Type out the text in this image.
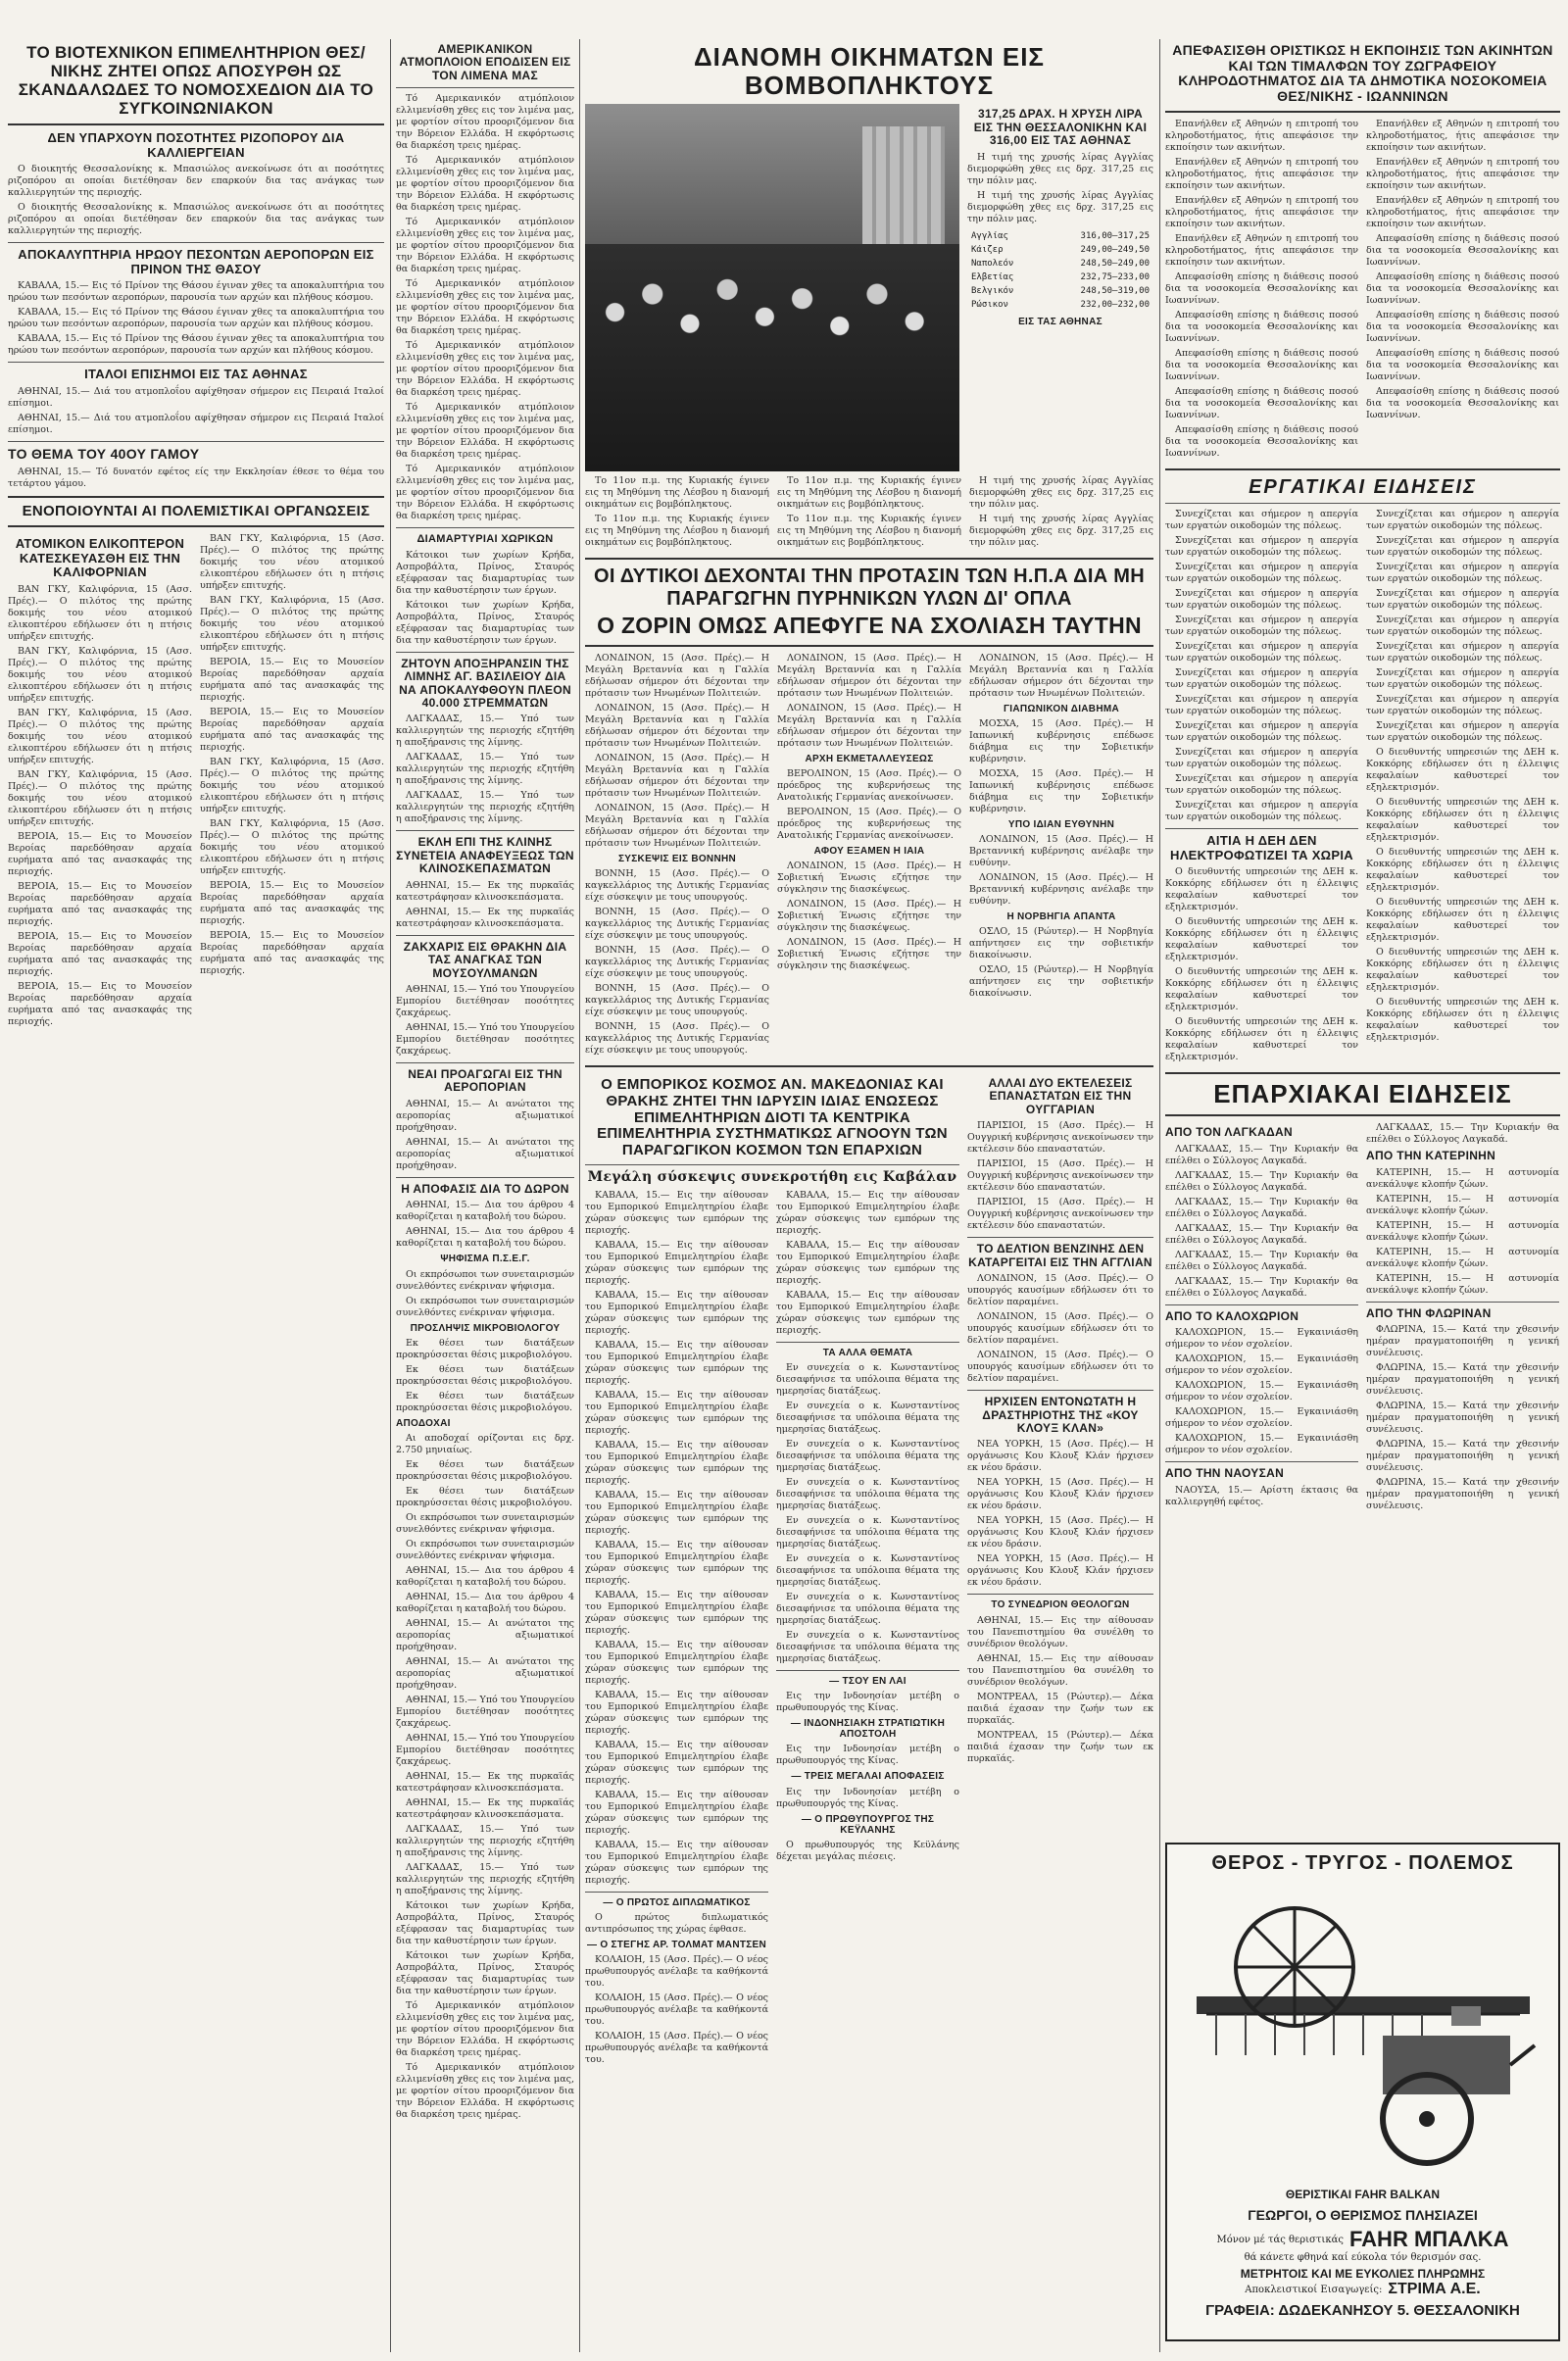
ΤΟ ΒΙΟΤΕΧΝΙΚΟΝ ΕΠΙΜΕΛΗΤΗΡΙΟΝ ΘΕΣ/ΝΙΚΗΣ ΖΗΤΕΙ ΟΠΩΣ ΑΠΟΣΥΡΘΗ ΩΣ ΣΚΑΝΔΑΛΩΔΕΣ ΤΟ ΝΟΜΟΣΧΕΔΙΟΝ ΔΙΑ ΤΟ ΣΥΓΚΟΙΝΩΝΙΑΚΟΝ
ΔΕΝ ΥΠΑΡΧΟΥΝ ΠΟΣΟΤΗΤΕΣ ΡΙΖΟΠΟΡΟΥ ΔΙΑ ΚΑΛΛΙΕΡΓΕΙΑΝ

Ο διοικητής Θεσσαλονίκης κ. Μπασιώλος ανεκοίνωσε ότι αι ποσότητες ριζοπόρου αι οποίαι διετέθησαν δεν επαρκούν δια τας ανάγκας των καλλιεργητών της περιοχής.

Ο διοικητής Θεσσαλονίκης κ. Μπασιώλος ανεκοίνωσε ότι αι ποσότητες ριζοπόρου αι οποίαι διετέθησαν δεν επαρκούν δια τας ανάγκας των καλλιεργητών της περιοχής.

ΑΠΟΚΑΛΥΠΤΗΡΙΑ ΗΡΩΟΥ ΠΕΣΟΝΤΩΝ ΑΕΡΟΠΟΡΩΝ ΕΙΣ ΠΡΙΝΟΝ ΤΗΣ ΘΑΣΟΥ

ΚΑΒΑΛΑ, 15.— Εις τό Πρίνον της Θάσου έγιναν χθες τα αποκαλυπτήρια του ηρώου των πεσόντων αεροπόρων, παρουσία των αρχών και πλήθους κόσμου.

ΚΑΒΑΛΑ, 15.— Εις τό Πρίνον της Θάσου έγιναν χθες τα αποκαλυπτήρια του ηρώου των πεσόντων αεροπόρων, παρουσία των αρχών και πλήθους κόσμου.

ΚΑΒΑΛΑ, 15.— Εις τό Πρίνον της Θάσου έγιναν χθες τα αποκαλυπτήρια του ηρώου των πεσόντων αεροπόρων, παρουσία των αρχών και πλήθους κόσμου.

ΙΤΑΛΟΙ ΕΠΙΣΗΜΟΙ ΕΙΣ ΤΑΣ ΑΘΗΝΑΣ

ΑΘΗΝΑΙ, 15.— Διά του ατμοπλοΐου αφίχθησαν σήμερον εις Πειραιά Ιταλοί επίσημοι.

ΑΘΗΝΑΙ, 15.— Διά του ατμοπλοΐου αφίχθησαν σήμερον εις Πειραιά Ιταλοί επίσημοι.

ΤΟ ΘΕΜΑ ΤΟΥ 40ΟΥ ΓΑΜΟΥ

ΑΘΗΝΑΙ, 15.— Τό δυνατόν εφέτος είς την Εκκλησίαν έθεσε το θέμα του τετάρτου γάμου.

ΕΝΟΠΟΙΟΥΝΤΑΙ ΑΙ ΠΟΛΕΜΙΣΤΙΚΑΙ ΟΡΓΑΝΩΣΕΙΣ
ΑΤΟΜΙΚΟΝ ΕΛΙΚΟΠΤΕΡΟΝ ΚΑΤΕΣΚΕΥΑΣΘΗ ΕΙΣ ΤΗΝ ΚΑΛΙΦΟΡΝΙΑΝ

ΒΑΝ ΓΚΥ, Καλιφόρνια, 15 (Ασσ. Πρές).— Ο πιλότος της πρώτης δοκιμής του νέου ατομικού ελικοπτέρου εδήλωσεν ότι η πτήσις υπήρξεν επιτυχής.

ΒΑΝ ΓΚΥ, Καλιφόρνια, 15 (Ασσ. Πρές).— Ο πιλότος της πρώτης δοκιμής του νέου ατομικού ελικοπτέρου εδήλωσεν ότι η πτήσις υπήρξεν επιτυχής.

ΒΑΝ ΓΚΥ, Καλιφόρνια, 15 (Ασσ. Πρές).— Ο πιλότος της πρώτης δοκιμής του νέου ατομικού ελικοπτέρου εδήλωσεν ότι η πτήσις υπήρξεν επιτυχής.

ΒΑΝ ΓΚΥ, Καλιφόρνια, 15 (Ασσ. Πρές).— Ο πιλότος της πρώτης δοκιμής του νέου ατομικού ελικοπτέρου εδήλωσεν ότι η πτήσις υπήρξεν επιτυχής.

ΒΕΡΟΙΑ, 15.— Εις το Μουσείον Βεροίας παρεδόθησαν αρχαία ευρήματα από τας ανασκαφάς της περιοχής.

ΒΕΡΟΙΑ, 15.— Εις το Μουσείον Βεροίας παρεδόθησαν αρχαία ευρήματα από τας ανασκαφάς της περιοχής.

ΒΕΡΟΙΑ, 15.— Εις το Μουσείον Βεροίας παρεδόθησαν αρχαία ευρήματα από τας ανασκαφάς της περιοχής.

ΒΕΡΟΙΑ, 15.— Εις το Μουσείον Βεροίας παρεδόθησαν αρχαία ευρήματα από τας ανασκαφάς της περιοχής.

ΒΑΝ ΓΚΥ, Καλιφόρνια, 15 (Ασσ. Πρές).— Ο πιλότος της πρώτης δοκιμής του νέου ατομικού ελικοπτέρου εδήλωσεν ότι η πτήσις υπήρξεν επιτυχής.

ΒΑΝ ΓΚΥ, Καλιφόρνια, 15 (Ασσ. Πρές).— Ο πιλότος της πρώτης δοκιμής του νέου ατομικού ελικοπτέρου εδήλωσεν ότι η πτήσις υπήρξεν επιτυχής.

ΒΕΡΟΙΑ, 15.— Εις το Μουσείον Βεροίας παρεδόθησαν αρχαία ευρήματα από τας ανασκαφάς της περιοχής.

ΒΕΡΟΙΑ, 15.— Εις το Μουσείον Βεροίας παρεδόθησαν αρχαία ευρήματα από τας ανασκαφάς της περιοχής.

ΒΑΝ ΓΚΥ, Καλιφόρνια, 15 (Ασσ. Πρές).— Ο πιλότος της πρώτης δοκιμής του νέου ατομικού ελικοπτέρου εδήλωσεν ότι η πτήσις υπήρξεν επιτυχής.

ΒΑΝ ΓΚΥ, Καλιφόρνια, 15 (Ασσ. Πρές).— Ο πιλότος της πρώτης δοκιμής του νέου ατομικού ελικοπτέρου εδήλωσεν ότι η πτήσις υπήρξεν επιτυχής.

ΒΕΡΟΙΑ, 15.— Εις το Μουσείον Βεροίας παρεδόθησαν αρχαία ευρήματα από τας ανασκαφάς της περιοχής.

ΒΕΡΟΙΑ, 15.— Εις το Μουσείον Βεροίας παρεδόθησαν αρχαία ευρήματα από τας ανασκαφάς της περιοχής.

ΑΜΕΡΙΚΑΝΙΚΟΝ ΑΤΜΟΠΛΟΙΟΝ ΕΠΟΔΙΣΕΝ ΕΙΣ ΤΟΝ ΛΙΜΕΝΑ ΜΑΣ

Τό Αμερικανικόν ατμόπλοιον ελλιμενίσθη χθες εις τον λιμένα μας, με φορτίον σίτου προοριζόμενον δια την Βόρειον Ελλάδα. Η εκφόρτωσις θα διαρκέση τρεις ημέρας.

Τό Αμερικανικόν ατμόπλοιον ελλιμενίσθη χθες εις τον λιμένα μας, με φορτίον σίτου προοριζόμενον δια την Βόρειον Ελλάδα. Η εκφόρτωσις θα διαρκέση τρεις ημέρας.

Τό Αμερικανικόν ατμόπλοιον ελλιμενίσθη χθες εις τον λιμένα μας, με φορτίον σίτου προοριζόμενον δια την Βόρειον Ελλάδα. Η εκφόρτωσις θα διαρκέση τρεις ημέρας.

Τό Αμερικανικόν ατμόπλοιον ελλιμενίσθη χθες εις τον λιμένα μας, με φορτίον σίτου προοριζόμενον δια την Βόρειον Ελλάδα. Η εκφόρτωσις θα διαρκέση τρεις ημέρας.

Τό Αμερικανικόν ατμόπλοιον ελλιμενίσθη χθες εις τον λιμένα μας, με φορτίον σίτου προοριζόμενον δια την Βόρειον Ελλάδα. Η εκφόρτωσις θα διαρκέση τρεις ημέρας.

Τό Αμερικανικόν ατμόπλοιον ελλιμενίσθη χθες εις τον λιμένα μας, με φορτίον σίτου προοριζόμενον δια την Βόρειον Ελλάδα. Η εκφόρτωσις θα διαρκέση τρεις ημέρας.

Τό Αμερικανικόν ατμόπλοιον ελλιμενίσθη χθες εις τον λιμένα μας, με φορτίον σίτου προοριζόμενον δια την Βόρειον Ελλάδα. Η εκφόρτωσις θα διαρκέση τρεις ημέρας.

ΔΙΑΜΑΡΤΥΡΙΑΙ ΧΩΡΙΚΩΝ

Κάτοικοι των χωρίων Κρήδα, Ασπροβάλτα, Πρίνος, Σταυρός εξέφρασαν τας διαμαρτυρίας των δια την καθυστέρησιν των έργων.

Κάτοικοι των χωρίων Κρήδα, Ασπροβάλτα, Πρίνος, Σταυρός εξέφρασαν τας διαμαρτυρίας των δια την καθυστέρησιν των έργων.

ΖΗΤΟΥΝ ΑΠΟΞΗΡΑΝΣΙΝ ΤΗΣ ΛΙΜΝΗΣ ΑΓ. ΒΑΣΙΛΕΙΟΥ ΔΙΑ ΝΑ ΑΠΟΚΑΛΥΦΘΟΥΝ ΠΛΕΟΝ 40.000 ΣΤΡΕΜΜΑΤΩΝ

ΛΑΓΚΑΔΑΣ, 15.— Υπό των καλλιεργητών της περιοχής εζητήθη η αποξήρανσις της λίμνης.

ΛΑΓΚΑΔΑΣ, 15.— Υπό των καλλιεργητών της περιοχής εζητήθη η αποξήρανσις της λίμνης.

ΛΑΓΚΑΔΑΣ, 15.— Υπό των καλλιεργητών της περιοχής εζητήθη η αποξήρανσις της λίμνης.

ΕΚΛΗ ΕΠΙ ΤΗΣ ΚΛΙΝΗΣ ΣΥΝΕΤΕΙΑ ΑΝΑΦΕΥΞΕΩΣ ΤΩΝ ΚΛΙΝΟΣΚΕΠΑΣΜΑΤΩΝ

ΑΘΗΝΑΙ, 15.— Εκ της πυρκαϊάς κατεστράφησαν κλινοσκεπάσματα.

ΑΘΗΝΑΙ, 15.— Εκ της πυρκαϊάς κατεστράφησαν κλινοσκεπάσματα.

ΖΑΚΧΑΡΙΣ ΕΙΣ ΘΡΑΚΗΝ ΔΙΑ ΤΑΣ ΑΝΑΓΚΑΣ ΤΩΝ ΜΟΥΣΟΥΛΜΑΝΩΝ

ΑΘΗΝΑΙ, 15.— Υπό του Υπουργείου Εμπορίου διετέθησαν ποσότητες ζακχάρεως.

ΑΘΗΝΑΙ, 15.— Υπό του Υπουργείου Εμπορίου διετέθησαν ποσότητες ζακχάρεως.

ΝΕΑΙ ΠΡΟΑΓΩΓΑΙ ΕΙΣ ΤΗΝ ΑΕΡΟΠΟΡΙΑΝ

ΑΘΗΝΑΙ, 15.— Αι ανώτατοι της αεροπορίας αξιωματικοί προήχθησαν.

ΑΘΗΝΑΙ, 15.— Αι ανώτατοι της αεροπορίας αξιωματικοί προήχθησαν.

Η ΑΠΟΦΑΣΙΣ ΔΙΑ ΤΟ ΔΩΡΟΝ

ΑΘΗΝΑΙ, 15.— Δια του άρθρου 4 καθορίζεται η καταβολή του δώρου.

ΑΘΗΝΑΙ, 15.— Δια του άρθρου 4 καθορίζεται η καταβολή του δώρου.

ΨΗΦΙΣΜΑ Π.Σ.Ε.Γ.

Οι εκπρόσωποι των συνεταιρισμών συνελθόντες ενέκριναν ψήφισμα.

Οι εκπρόσωποι των συνεταιρισμών συνελθόντες ενέκριναν ψήφισμα.

ΠΡΟΣΛΗΨΙΣ ΜΙΚΡΟΒΙΟΛΟΓΟΥ

Εκ θέσει των διατάξεων προκηρύσσεται θέσις μικροβιολόγου.

Εκ θέσει των διατάξεων προκηρύσσεται θέσις μικροβιολόγου.

Εκ θέσει των διατάξεων προκηρύσσεται θέσις μικροβιολόγου.

ΑΠΟΔΟΧΑΙ

Αι αποδοχαί ορίζονται εις δρχ. 2.750 μηνιαίως.

Εκ θέσει των διατάξεων προκηρύσσεται θέσις μικροβιολόγου.

Εκ θέσει των διατάξεων προκηρύσσεται θέσις μικροβιολόγου.

Οι εκπρόσωποι των συνεταιρισμών συνελθόντες ενέκριναν ψήφισμα.

Οι εκπρόσωποι των συνεταιρισμών συνελθόντες ενέκριναν ψήφισμα.

ΑΘΗΝΑΙ, 15.— Δια του άρθρου 4 καθορίζεται η καταβολή του δώρου.

ΑΘΗΝΑΙ, 15.— Δια του άρθρου 4 καθορίζεται η καταβολή του δώρου.

ΑΘΗΝΑΙ, 15.— Αι ανώτατοι της αεροπορίας αξιωματικοί προήχθησαν.

ΑΘΗΝΑΙ, 15.— Αι ανώτατοι της αεροπορίας αξιωματικοί προήχθησαν.

ΑΘΗΝΑΙ, 15.— Υπό του Υπουργείου Εμπορίου διετέθησαν ποσότητες ζακχάρεως.

ΑΘΗΝΑΙ, 15.— Υπό του Υπουργείου Εμπορίου διετέθησαν ποσότητες ζακχάρεως.

ΑΘΗΝΑΙ, 15.— Εκ της πυρκαϊάς κατεστράφησαν κλινοσκεπάσματα.

ΑΘΗΝΑΙ, 15.— Εκ της πυρκαϊάς κατεστράφησαν κλινοσκεπάσματα.

ΛΑΓΚΑΔΑΣ, 15.— Υπό των καλλιεργητών της περιοχής εζητήθη η αποξήρανσις της λίμνης.

ΛΑΓΚΑΔΑΣ, 15.— Υπό των καλλιεργητών της περιοχής εζητήθη η αποξήρανσις της λίμνης.

Κάτοικοι των χωρίων Κρήδα, Ασπροβάλτα, Πρίνος, Σταυρός εξέφρασαν τας διαμαρτυρίας των δια την καθυστέρησιν των έργων.

Κάτοικοι των χωρίων Κρήδα, Ασπροβάλτα, Πρίνος, Σταυρός εξέφρασαν τας διαμαρτυρίας των δια την καθυστέρησιν των έργων.

Τό Αμερικανικόν ατμόπλοιον ελλιμενίσθη χθες εις τον λιμένα μας, με φορτίον σίτου προοριζόμενον δια την Βόρειον Ελλάδα. Η εκφόρτωσις θα διαρκέση τρεις ημέρας.

Τό Αμερικανικόν ατμόπλοιον ελλιμενίσθη χθες εις τον λιμένα μας, με φορτίον σίτου προοριζόμενον δια την Βόρειον Ελλάδα. Η εκφόρτωσις θα διαρκέση τρεις ημέρας.

ΔΙΑΝΟΜΗ ΟΙΚΗΜΑΤΩΝ ΕΙΣ ΒΟΜΒΟΠΛΗΚΤΟΥΣ
317,25 ΔΡΑΧ. Η ΧΡΥΣΗ ΛΙΡΑ ΕΙΣ ΤΗΝ ΘΕΣΣΑΛΟΝΙΚΗΝ ΚΑΙ 316,00 ΕΙΣ ΤΑΣ ΑΘΗΝΑΣ

Η τιμή της χρυσής λίρας Αγγλίας διεμορφώθη χθες εις δρχ. 317,25 εις την πόλιν μας.

Η τιμή της χρυσής λίρας Αγγλίας διεμορφώθη χθες εις δρχ. 317,25 εις την πόλιν μας.

Αγγλίας	316,00—317,25
Κάιζερ	249,00—249,50
Ναπολεόν	248,50—249,00
Ελβετίας	232,75—233,00
Βελγικόν	248,50—319,00
Ρώσικον	232,00—232,00
ΕΙΣ ΤΑΣ ΑΘΗΝΑΣ

Το 11ον π.μ. της Κυριακής έγινεν εις τη Μηθύμνη της Λέσβου η διανομή οικημάτων εις βομβόπληκτους.

Το 11ον π.μ. της Κυριακής έγινεν εις τη Μηθύμνη της Λέσβου η διανομή οικημάτων εις βομβόπληκτους.

Το 11ον π.μ. της Κυριακής έγινεν εις τη Μηθύμνη της Λέσβου η διανομή οικημάτων εις βομβόπληκτους.

Το 11ον π.μ. της Κυριακής έγινεν εις τη Μηθύμνη της Λέσβου η διανομή οικημάτων εις βομβόπληκτους.

Η τιμή της χρυσής λίρας Αγγλίας διεμορφώθη χθες εις δρχ. 317,25 εις την πόλιν μας.

Η τιμή της χρυσής λίρας Αγγλίας διεμορφώθη χθες εις δρχ. 317,25 εις την πόλιν μας.

ΟΙ ΔΥΤΙΚΟΙ ΔΕΧΟΝΤΑΙ ΤΗΝ ΠΡΟΤΑΣΙΝ ΤΩΝ Η.Π.Α ΔΙΑ ΜΗ ΠΑΡΑΓΩΓΗΝ ΠΥΡΗΝΙΚΩΝ ΥΛΩΝ ΔΙ' ΟΠΛΑ
Ο ΖΟΡΙΝ ΟΜΩΣ ΑΠΕΦΥΓΕ ΝΑ ΣΧΟΛΙΑΣΗ ΤΑΥΤΗΝ

ΛΟΝΔΙΝΟΝ, 15 (Ασσ. Πρές).— Η Μεγάλη Βρεταννία και η Γαλλία εδήλωσαν σήμερον ότι δέχονται την πρότασιν των Ηνωμένων Πολιτειών.

ΛΟΝΔΙΝΟΝ, 15 (Ασσ. Πρές).— Η Μεγάλη Βρεταννία και η Γαλλία εδήλωσαν σήμερον ότι δέχονται την πρότασιν των Ηνωμένων Πολιτειών.

ΛΟΝΔΙΝΟΝ, 15 (Ασσ. Πρές).— Η Μεγάλη Βρεταννία και η Γαλλία εδήλωσαν σήμερον ότι δέχονται την πρότασιν των Ηνωμένων Πολιτειών.

ΛΟΝΔΙΝΟΝ, 15 (Ασσ. Πρές).— Η Μεγάλη Βρεταννία και η Γαλλία εδήλωσαν σήμερον ότι δέχονται την πρότασιν των Ηνωμένων Πολιτειών.

ΣΥΣΚΕΨΙΣ ΕΙΣ ΒΟΝΝΗΝ

ΒΟΝΝΗ, 15 (Ασσ. Πρές).— Ο καγκελλάριος της Δυτικής Γερμανίας είχε σύσκεψιν με τους υπουργούς.

ΒΟΝΝΗ, 15 (Ασσ. Πρές).— Ο καγκελλάριος της Δυτικής Γερμανίας είχε σύσκεψιν με τους υπουργούς.

ΒΟΝΝΗ, 15 (Ασσ. Πρές).— Ο καγκελλάριος της Δυτικής Γερμανίας είχε σύσκεψιν με τους υπουργούς.

ΒΟΝΝΗ, 15 (Ασσ. Πρές).— Ο καγκελλάριος της Δυτικής Γερμανίας είχε σύσκεψιν με τους υπουργούς.

ΒΟΝΝΗ, 15 (Ασσ. Πρές).— Ο καγκελλάριος της Δυτικής Γερμανίας είχε σύσκεψιν με τους υπουργούς.

ΛΟΝΔΙΝΟΝ, 15 (Ασσ. Πρές).— Η Μεγάλη Βρεταννία και η Γαλλία εδήλωσαν σήμερον ότι δέχονται την πρότασιν των Ηνωμένων Πολιτειών.

ΛΟΝΔΙΝΟΝ, 15 (Ασσ. Πρές).— Η Μεγάλη Βρεταννία και η Γαλλία εδήλωσαν σήμερον ότι δέχονται την πρότασιν των Ηνωμένων Πολιτειών.

ΑΡΧΗ ΕΚΜΕΤΑΛΛΕΥΣΕΩΣ

ΒΕΡΟΛΙΝΟΝ, 15 (Ασσ. Πρές).— Ο πρόεδρος της κυβερνήσεως της Ανατολικής Γερμανίας ανεκοίνωσεν.

ΒΕΡΟΛΙΝΟΝ, 15 (Ασσ. Πρές).— Ο πρόεδρος της κυβερνήσεως της Ανατολικής Γερμανίας ανεκοίνωσεν.

ΑΦΟΥ ΕΞΑΜΕΝ Η ΙΑΙΑ

ΛΟΝΔΙΝΟΝ, 15 (Ασσ. Πρές).— Η Σοβιετική Ένωσις εζήτησε την σύγκλησιν της διασκέψεως.

ΛΟΝΔΙΝΟΝ, 15 (Ασσ. Πρές).— Η Σοβιετική Ένωσις εζήτησε την σύγκλησιν της διασκέψεως.

ΛΟΝΔΙΝΟΝ, 15 (Ασσ. Πρές).— Η Σοβιετική Ένωσις εζήτησε την σύγκλησιν της διασκέψεως.

ΛΟΝΔΙΝΟΝ, 15 (Ασσ. Πρές).— Η Μεγάλη Βρεταννία και η Γαλλία εδήλωσαν σήμερον ότι δέχονται την πρότασιν των Ηνωμένων Πολιτειών.

ΓΙΑΠΩΝΙΚΟΝ ΔΙΑΒΗΜΑ

ΜΟΣΧΑ, 15 (Ασσ. Πρές).— Η Ιαπωνική κυβέρνησις επέδωσε διάβημα εις την Σοβιετικήν κυβέρνησιν.

ΜΟΣΧΑ, 15 (Ασσ. Πρές).— Η Ιαπωνική κυβέρνησις επέδωσε διάβημα εις την Σοβιετικήν κυβέρνησιν.

ΥΠΟ ΙΔΙΑΝ ΕΥΘΥΝΗΝ

ΛΟΝΔΙΝΟΝ, 15 (Ασσ. Πρές).— Η Βρεταννική κυβέρνησις ανέλαβε την ευθύνην.

ΛΟΝΔΙΝΟΝ, 15 (Ασσ. Πρές).— Η Βρεταννική κυβέρνησις ανέλαβε την ευθύνην.

Η ΝΟΡΒΗΓΙΑ ΑΠΑΝΤΑ

ΟΣΛΟ, 15 (Ρώυτερ).— Η Νορβηγία απήντησεν εις την σοβιετικήν διακοίνωσιν.

ΟΣΛΟ, 15 (Ρώυτερ).— Η Νορβηγία απήντησεν εις την σοβιετικήν διακοίνωσιν.

Ο ΕΜΠΟΡΙΚΟΣ ΚΟΣΜΟΣ ΑΝ. ΜΑΚΕΔΟΝΙΑΣ ΚΑΙ ΘΡΑΚΗΣ ΖΗΤΕΙ ΤΗΝ ΙΔΡΥΣΙΝ ΙΔΙΑΣ ΕΝΩΣΕΩΣ ΕΠΙΜΕΛΗΤΗΡΙΩΝ ΔΙΟΤΙ ΤΑ ΚΕΝΤΡΙΚΑ ΕΠΙΜΕΛΗΤΗΡΙΑ ΣΥΣΤΗΜΑΤΙΚΩΣ ΑΓΝΟΟΥΝ ΤΩΝ ΠΑΡΑΓΩΓΙΚΟΝ ΚΟΣΜΟΝ ΤΩΝ ΕΠΑΡΧΙΩΝ
Μεγάλη σύσκεψις συνεκροτήθη εις Καβάλαν

ΚΑΒΑΛΑ, 15.— Εις την αίθουσαν του Εμπορικού Επιμελητηρίου έλαβε χώραν σύσκεψις των εμπόρων της περιοχής.

ΚΑΒΑΛΑ, 15.— Εις την αίθουσαν του Εμπορικού Επιμελητηρίου έλαβε χώραν σύσκεψις των εμπόρων της περιοχής.

ΚΑΒΑΛΑ, 15.— Εις την αίθουσαν του Εμπορικού Επιμελητηρίου έλαβε χώραν σύσκεψις των εμπόρων της περιοχής.

ΚΑΒΑΛΑ, 15.— Εις την αίθουσαν του Εμπορικού Επιμελητηρίου έλαβε χώραν σύσκεψις των εμπόρων της περιοχής.

ΚΑΒΑΛΑ, 15.— Εις την αίθουσαν του Εμπορικού Επιμελητηρίου έλαβε χώραν σύσκεψις των εμπόρων της περιοχής.

ΚΑΒΑΛΑ, 15.— Εις την αίθουσαν του Εμπορικού Επιμελητηρίου έλαβε χώραν σύσκεψις των εμπόρων της περιοχής.

ΚΑΒΑΛΑ, 15.— Εις την αίθουσαν του Εμπορικού Επιμελητηρίου έλαβε χώραν σύσκεψις των εμπόρων της περιοχής.

ΚΑΒΑΛΑ, 15.— Εις την αίθουσαν του Εμπορικού Επιμελητηρίου έλαβε χώραν σύσκεψις των εμπόρων της περιοχής.

ΚΑΒΑΛΑ, 15.— Εις την αίθουσαν του Εμπορικού Επιμελητηρίου έλαβε χώραν σύσκεψις των εμπόρων της περιοχής.

ΚΑΒΑΛΑ, 15.— Εις την αίθουσαν του Εμπορικού Επιμελητηρίου έλαβε χώραν σύσκεψις των εμπόρων της περιοχής.

ΚΑΒΑΛΑ, 15.— Εις την αίθουσαν του Εμπορικού Επιμελητηρίου έλαβε χώραν σύσκεψις των εμπόρων της περιοχής.

ΚΑΒΑΛΑ, 15.— Εις την αίθουσαν του Εμπορικού Επιμελητηρίου έλαβε χώραν σύσκεψις των εμπόρων της περιοχής.

ΚΑΒΑΛΑ, 15.— Εις την αίθουσαν του Εμπορικού Επιμελητηρίου έλαβε χώραν σύσκεψις των εμπόρων της περιοχής.

ΚΑΒΑΛΑ, 15.— Εις την αίθουσαν του Εμπορικού Επιμελητηρίου έλαβε χώραν σύσκεψις των εμπόρων της περιοχής.

— Ο ΠΡΩΤΟΣ ΔΙΠΛΩΜΑΤΙΚΟΣ

Ο πρώτος διπλωματικός αντιπρόσωπος της χώρας έφθασε.

— Ο ΣΤΕΓΗΣ ΑΡ. ΤΟΛΜΑΤ ΜΑΝΤΣΕΝ

ΚΟΛΑΙΟΗ, 15 (Ασσ. Πρές).— Ο νέος πρωθυπουργός ανέλαβε τα καθήκοντά του.

ΚΟΛΑΙΟΗ, 15 (Ασσ. Πρές).— Ο νέος πρωθυπουργός ανέλαβε τα καθήκοντά του.

ΚΟΛΑΙΟΗ, 15 (Ασσ. Πρές).— Ο νέος πρωθυπουργός ανέλαβε τα καθήκοντά του.

ΚΑΒΑΛΑ, 15.— Εις την αίθουσαν του Εμπορικού Επιμελητηρίου έλαβε χώραν σύσκεψις των εμπόρων της περιοχής.

ΚΑΒΑΛΑ, 15.— Εις την αίθουσαν του Εμπορικού Επιμελητηρίου έλαβε χώραν σύσκεψις των εμπόρων της περιοχής.

ΚΑΒΑΛΑ, 15.— Εις την αίθουσαν του Εμπορικού Επιμελητηρίου έλαβε χώραν σύσκεψις των εμπόρων της περιοχής.

ΤΑ ΑΛΛΑ ΘΕΜΑΤΑ

Εν συνεχεία ο κ. Κωνσταντίνος διεσαφήνισε τα υπόλοιπα θέματα της ημερησίας διατάξεως.

Εν συνεχεία ο κ. Κωνσταντίνος διεσαφήνισε τα υπόλοιπα θέματα της ημερησίας διατάξεως.

Εν συνεχεία ο κ. Κωνσταντίνος διεσαφήνισε τα υπόλοιπα θέματα της ημερησίας διατάξεως.

Εν συνεχεία ο κ. Κωνσταντίνος διεσαφήνισε τα υπόλοιπα θέματα της ημερησίας διατάξεως.

Εν συνεχεία ο κ. Κωνσταντίνος διεσαφήνισε τα υπόλοιπα θέματα της ημερησίας διατάξεως.

Εν συνεχεία ο κ. Κωνσταντίνος διεσαφήνισε τα υπόλοιπα θέματα της ημερησίας διατάξεως.

Εν συνεχεία ο κ. Κωνσταντίνος διεσαφήνισε τα υπόλοιπα θέματα της ημερησίας διατάξεως.

Εν συνεχεία ο κ. Κωνσταντίνος διεσαφήνισε τα υπόλοιπα θέματα της ημερησίας διατάξεως.

— ΤΣΟΥ ΕΝ ΛΑΙ

Εις την Ινδονησίαν μετέβη ο πρωθυπουργός της Κίνας.

— ΙΝΔΟΝΗΣΙΑΚΗ ΣΤΡΑΤΙΩΤΙΚΗ ΑΠΟΣΤΟΛΗ

Εις την Ινδονησίαν μετέβη ο πρωθυπουργός της Κίνας.

— ΤΡΕΙΣ ΜΕΓΑΛΑΙ ΑΠΟΦΑΣΕΙΣ

Εις την Ινδονησίαν μετέβη ο πρωθυπουργός της Κίνας.

— Ο ΠΡΩΘΥΠΟΥΡΓΟΣ ΤΗΣ ΚΕΫΛΑΝΗΣ

Ο πρωθυπουργός της Κεϋλάνης δέχεται μεγάλας πιέσεις.

ΑΛΛΑΙ ΔΥΟ ΕΚΤΕΛΕΣΕΙΣ ΕΠΑΝΑΣΤΑΤΩΝ ΕΙΣ ΤΗΝ ΟΥΓΓΑΡΙΑΝ

ΠΑΡΙΣΙΟΙ, 15 (Ασσ. Πρές).— Η Ουγγρική κυβέρνησις ανεκοίνωσεν την εκτέλεσιν δύο επαναστατών.

ΠΑΡΙΣΙΟΙ, 15 (Ασσ. Πρές).— Η Ουγγρική κυβέρνησις ανεκοίνωσεν την εκτέλεσιν δύο επαναστατών.

ΠΑΡΙΣΙΟΙ, 15 (Ασσ. Πρές).— Η Ουγγρική κυβέρνησις ανεκοίνωσεν την εκτέλεσιν δύο επαναστατών.

ΤΟ ΔΕΛΤΙΟΝ ΒΕΝΖΙΝΗΣ ΔΕΝ ΚΑΤΑΡΓΕΙΤΑΙ ΕΙΣ ΤΗΝ ΑΓΓΛΙΑΝ

ΛΟΝΔΙΝΟΝ, 15 (Ασσ. Πρές).— Ο υπουργός καυσίμων εδήλωσεν ότι το δελτίον παραμένει.

ΛΟΝΔΙΝΟΝ, 15 (Ασσ. Πρές).— Ο υπουργός καυσίμων εδήλωσεν ότι το δελτίον παραμένει.

ΛΟΝΔΙΝΟΝ, 15 (Ασσ. Πρές).— Ο υπουργός καυσίμων εδήλωσεν ότι το δελτίον παραμένει.

ΗΡΧΙΣΕΝ ΕΝΤΟΝΩΤΑΤΗ Η ΔΡΑΣΤΗΡΙΟΤΗΣ ΤΗΣ «ΚΟΥ ΚΛΟΥΞ ΚΛΑΝ»

ΝΕΑ ΥΟΡΚΗ, 15 (Ασσ. Πρές).— Η οργάνωσις Κου Κλουξ Κλάν ήρχισεν εκ νέου δράσιν.

ΝΕΑ ΥΟΡΚΗ, 15 (Ασσ. Πρές).— Η οργάνωσις Κου Κλουξ Κλάν ήρχισεν εκ νέου δράσιν.

ΝΕΑ ΥΟΡΚΗ, 15 (Ασσ. Πρές).— Η οργάνωσις Κου Κλουξ Κλάν ήρχισεν εκ νέου δράσιν.

ΝΕΑ ΥΟΡΚΗ, 15 (Ασσ. Πρές).— Η οργάνωσις Κου Κλουξ Κλάν ήρχισεν εκ νέου δράσιν.

ΤΟ ΣΥΝΕΔΡΙΟΝ ΘΕΟΛΟΓΩΝ

ΑΘΗΝΑΙ, 15.— Εις την αίθουσαν του Πανεπιστημίου θα συνέλθη το συνέδριον θεολόγων.

ΑΘΗΝΑΙ, 15.— Εις την αίθουσαν του Πανεπιστημίου θα συνέλθη το συνέδριον θεολόγων.

ΜΟΝΤΡΕΑΛ, 15 (Ρώυτερ).— Δέκα παιδιά έχασαν την ζωήν των εκ πυρκαϊάς.

ΜΟΝΤΡΕΑΛ, 15 (Ρώυτερ).— Δέκα παιδιά έχασαν την ζωήν των εκ πυρκαϊάς.

ΑΠΕΦΑΣΙΣΘΗ ΟΡΙΣΤΙΚΩΣ Η ΕΚΠΟΙΗΣΙΣ ΤΩΝ ΑΚΙΝΗΤΩΝ ΚΑΙ ΤΩΝ ΤΙΜΑΛΦΩΝ ΤΟΥ ΖΩΓΡΑΦΕΙΟΥ ΚΛΗΡΟΔΟΤΗΜΑΤΟΣ ΔΙΑ ΤΑ ΔΗΜΟΤΙΚΑ ΝΟΣΟΚΟΜΕΙΑ ΘΕΣ/ΝΙΚΗΣ - ΙΩΑΝΝΙΝΩΝ

Επανήλθεν εξ Αθηνών η επιτροπή του κληροδοτήματος, ήτις απεφάσισε την εκποίησιν των ακινήτων.

Επανήλθεν εξ Αθηνών η επιτροπή του κληροδοτήματος, ήτις απεφάσισε την εκποίησιν των ακινήτων.

Επανήλθεν εξ Αθηνών η επιτροπή του κληροδοτήματος, ήτις απεφάσισε την εκποίησιν των ακινήτων.

Επανήλθεν εξ Αθηνών η επιτροπή του κληροδοτήματος, ήτις απεφάσισε την εκποίησιν των ακινήτων.

Απεφασίσθη επίσης η διάθεσις ποσού δια τα νοσοκομεία Θεσσαλονίκης και Ιωαννίνων.

Απεφασίσθη επίσης η διάθεσις ποσού δια τα νοσοκομεία Θεσσαλονίκης και Ιωαννίνων.

Απεφασίσθη επίσης η διάθεσις ποσού δια τα νοσοκομεία Θεσσαλονίκης και Ιωαννίνων.

Απεφασίσθη επίσης η διάθεσις ποσού δια τα νοσοκομεία Θεσσαλονίκης και Ιωαννίνων.

Απεφασίσθη επίσης η διάθεσις ποσού δια τα νοσοκομεία Θεσσαλονίκης και Ιωαννίνων.

Επανήλθεν εξ Αθηνών η επιτροπή του κληροδοτήματος, ήτις απεφάσισε την εκποίησιν των ακινήτων.

Επανήλθεν εξ Αθηνών η επιτροπή του κληροδοτήματος, ήτις απεφάσισε την εκποίησιν των ακινήτων.

Επανήλθεν εξ Αθηνών η επιτροπή του κληροδοτήματος, ήτις απεφάσισε την εκποίησιν των ακινήτων.

Απεφασίσθη επίσης η διάθεσις ποσού δια τα νοσοκομεία Θεσσαλονίκης και Ιωαννίνων.

Απεφασίσθη επίσης η διάθεσις ποσού δια τα νοσοκομεία Θεσσαλονίκης και Ιωαννίνων.

Απεφασίσθη επίσης η διάθεσις ποσού δια τα νοσοκομεία Θεσσαλονίκης και Ιωαννίνων.

Απεφασίσθη επίσης η διάθεσις ποσού δια τα νοσοκομεία Θεσσαλονίκης και Ιωαννίνων.

Απεφασίσθη επίσης η διάθεσις ποσού δια τα νοσοκομεία Θεσσαλονίκης και Ιωαννίνων.

ΕΡΓΑΤΙΚΑΙ ΕΙΔΗΣΕΙΣ

Συνεχίζεται και σήμερον η απεργία των εργατών οικοδομών της πόλεως.

Συνεχίζεται και σήμερον η απεργία των εργατών οικοδομών της πόλεως.

Συνεχίζεται και σήμερον η απεργία των εργατών οικοδομών της πόλεως.

Συνεχίζεται και σήμερον η απεργία των εργατών οικοδομών της πόλεως.

Συνεχίζεται και σήμερον η απεργία των εργατών οικοδομών της πόλεως.

Συνεχίζεται και σήμερον η απεργία των εργατών οικοδομών της πόλεως.

Συνεχίζεται και σήμερον η απεργία των εργατών οικοδομών της πόλεως.

Συνεχίζεται και σήμερον η απεργία των εργατών οικοδομών της πόλεως.

Συνεχίζεται και σήμερον η απεργία των εργατών οικοδομών της πόλεως.

Συνεχίζεται και σήμερον η απεργία των εργατών οικοδομών της πόλεως.

Συνεχίζεται και σήμερον η απεργία των εργατών οικοδομών της πόλεως.

Συνεχίζεται και σήμερον η απεργία των εργατών οικοδομών της πόλεως.

ΑΙΤΙΑ Η ΔΕΗ ΔΕΝ ΗΛΕΚΤΡΟΦΩΤΙΖΕΙ ΤΑ ΧΩΡΙΑ

Ο διευθυντής υπηρεσιών της ΔΕΗ κ. Κοκκόρης εδήλωσεν ότι η έλλειψις κεφαλαίων καθυστερεί τον εξηλεκτρισμόν.

Ο διευθυντής υπηρεσιών της ΔΕΗ κ. Κοκκόρης εδήλωσεν ότι η έλλειψις κεφαλαίων καθυστερεί τον εξηλεκτρισμόν.

Ο διευθυντής υπηρεσιών της ΔΕΗ κ. Κοκκόρης εδήλωσεν ότι η έλλειψις κεφαλαίων καθυστερεί τον εξηλεκτρισμόν.

Ο διευθυντής υπηρεσιών της ΔΕΗ κ. Κοκκόρης εδήλωσεν ότι η έλλειψις κεφαλαίων καθυστερεί τον εξηλεκτρισμόν.

Συνεχίζεται και σήμερον η απεργία των εργατών οικοδομών της πόλεως.

Συνεχίζεται και σήμερον η απεργία των εργατών οικοδομών της πόλεως.

Συνεχίζεται και σήμερον η απεργία των εργατών οικοδομών της πόλεως.

Συνεχίζεται και σήμερον η απεργία των εργατών οικοδομών της πόλεως.

Συνεχίζεται και σήμερον η απεργία των εργατών οικοδομών της πόλεως.

Συνεχίζεται και σήμερον η απεργία των εργατών οικοδομών της πόλεως.

Συνεχίζεται και σήμερον η απεργία των εργατών οικοδομών της πόλεως.

Συνεχίζεται και σήμερον η απεργία των εργατών οικοδομών της πόλεως.

Συνεχίζεται και σήμερον η απεργία των εργατών οικοδομών της πόλεως.

Ο διευθυντής υπηρεσιών της ΔΕΗ κ. Κοκκόρης εδήλωσεν ότι η έλλειψις κεφαλαίων καθυστερεί τον εξηλεκτρισμόν.

Ο διευθυντής υπηρεσιών της ΔΕΗ κ. Κοκκόρης εδήλωσεν ότι η έλλειψις κεφαλαίων καθυστερεί τον εξηλεκτρισμόν.

Ο διευθυντής υπηρεσιών της ΔΕΗ κ. Κοκκόρης εδήλωσεν ότι η έλλειψις κεφαλαίων καθυστερεί τον εξηλεκτρισμόν.

Ο διευθυντής υπηρεσιών της ΔΕΗ κ. Κοκκόρης εδήλωσεν ότι η έλλειψις κεφαλαίων καθυστερεί τον εξηλεκτρισμόν.

Ο διευθυντής υπηρεσιών της ΔΕΗ κ. Κοκκόρης εδήλωσεν ότι η έλλειψις κεφαλαίων καθυστερεί τον εξηλεκτρισμόν.

Ο διευθυντής υπηρεσιών της ΔΕΗ κ. Κοκκόρης εδήλωσεν ότι η έλλειψις κεφαλαίων καθυστερεί τον εξηλεκτρισμόν.

ΕΠΑΡΧΙΑΚΑΙ ΕΙΔΗΣΕΙΣ
ΑΠΟ ΤΟΝ ΛΑΓΚΑΔΑΝ

ΛΑΓΚΑΔΑΣ, 15.— Την Κυριακήν θα επέλθει ο Σύλλογος Λαγκαδά.

ΛΑΓΚΑΔΑΣ, 15.— Την Κυριακήν θα επέλθει ο Σύλλογος Λαγκαδά.

ΛΑΓΚΑΔΑΣ, 15.— Την Κυριακήν θα επέλθει ο Σύλλογος Λαγκαδά.

ΛΑΓΚΑΔΑΣ, 15.— Την Κυριακήν θα επέλθει ο Σύλλογος Λαγκαδά.

ΛΑΓΚΑΔΑΣ, 15.— Την Κυριακήν θα επέλθει ο Σύλλογος Λαγκαδά.

ΛΑΓΚΑΔΑΣ, 15.— Την Κυριακήν θα επέλθει ο Σύλλογος Λαγκαδά.

ΑΠΟ ΤΟ ΚΑΛΟΧΩΡΙΟΝ

ΚΑΛΟΧΩΡΙΟΝ, 15.— Εγκαινιάσθη σήμερον το νέον σχολείον.

ΚΑΛΟΧΩΡΙΟΝ, 15.— Εγκαινιάσθη σήμερον το νέον σχολείον.

ΚΑΛΟΧΩΡΙΟΝ, 15.— Εγκαινιάσθη σήμερον το νέον σχολείον.

ΚΑΛΟΧΩΡΙΟΝ, 15.— Εγκαινιάσθη σήμερον το νέον σχολείον.

ΚΑΛΟΧΩΡΙΟΝ, 15.— Εγκαινιάσθη σήμερον το νέον σχολείον.

ΑΠΟ ΤΗΝ ΝΑΟΥΣΑΝ

ΝΑΟΥΣΑ, 15.— Αρίστη έκτασις θα καλλιεργηθή εφέτος.

ΛΑΓΚΑΔΑΣ, 15.— Την Κυριακήν θα επέλθει ο Σύλλογος Λαγκαδά.

ΑΠΟ ΤΗΝ ΚΑΤΕΡΙΝΗΝ

ΚΑΤΕΡΙΝΗ, 15.— Η αστυνομία ανεκάλυψε κλοπήν ζώων.

ΚΑΤΕΡΙΝΗ, 15.— Η αστυνομία ανεκάλυψε κλοπήν ζώων.

ΚΑΤΕΡΙΝΗ, 15.— Η αστυνομία ανεκάλυψε κλοπήν ζώων.

ΚΑΤΕΡΙΝΗ, 15.— Η αστυνομία ανεκάλυψε κλοπήν ζώων.

ΚΑΤΕΡΙΝΗ, 15.— Η αστυνομία ανεκάλυψε κλοπήν ζώων.

ΑΠΟ ΤΗΝ ΦΛΩΡΙΝΑΝ

ΦΛΩΡΙΝΑ, 15.— Κατά την χθεσινήν ημέραν πραγματοποιήθη η γενική συνέλευσις.

ΦΛΩΡΙΝΑ, 15.— Κατά την χθεσινήν ημέραν πραγματοποιήθη η γενική συνέλευσις.

ΦΛΩΡΙΝΑ, 15.— Κατά την χθεσινήν ημέραν πραγματοποιήθη η γενική συνέλευσις.

ΦΛΩΡΙΝΑ, 15.— Κατά την χθεσινήν ημέραν πραγματοποιήθη η γενική συνέλευσις.

ΦΛΩΡΙΝΑ, 15.— Κατά την χθεσινήν ημέραν πραγματοποιήθη η γενική συνέλευσις.

ΘΕΡΟΣ - ΤΡΥΓΟΣ - ΠΟΛΕΜΟΣ
ΘΕΡΙΣΤΙΚΑΙ FAHR BALKAN
ΓΕΩΡΓΟΙ, Ο ΘΕΡΙΣΜΟΣ ΠΛΗΣΙΑΖΕΙ
Μόνον μέ τάς θεριστικάς FAHR ΜΠΑΛΚΑ
θά κάνετε φθηνά καί εύκολα τόν θερισμόν σας.
ΜΕΤΡΗΤΟΙΣ ΚΑΙ ΜΕ ΕΥΚΟΛΙΕΣ ΠΛΗΡΩΜΗΣ
Αποκλειστικοί Εισαγωγείς: ΣΤΡΙΜΑ Α.Ε.
ΓΡΑΦΕΙΑ: ΔΩΔΕΚΑΝΗΣΟΥ 5. ΘΕΣΣΑΛΟΝΙΚΗ
